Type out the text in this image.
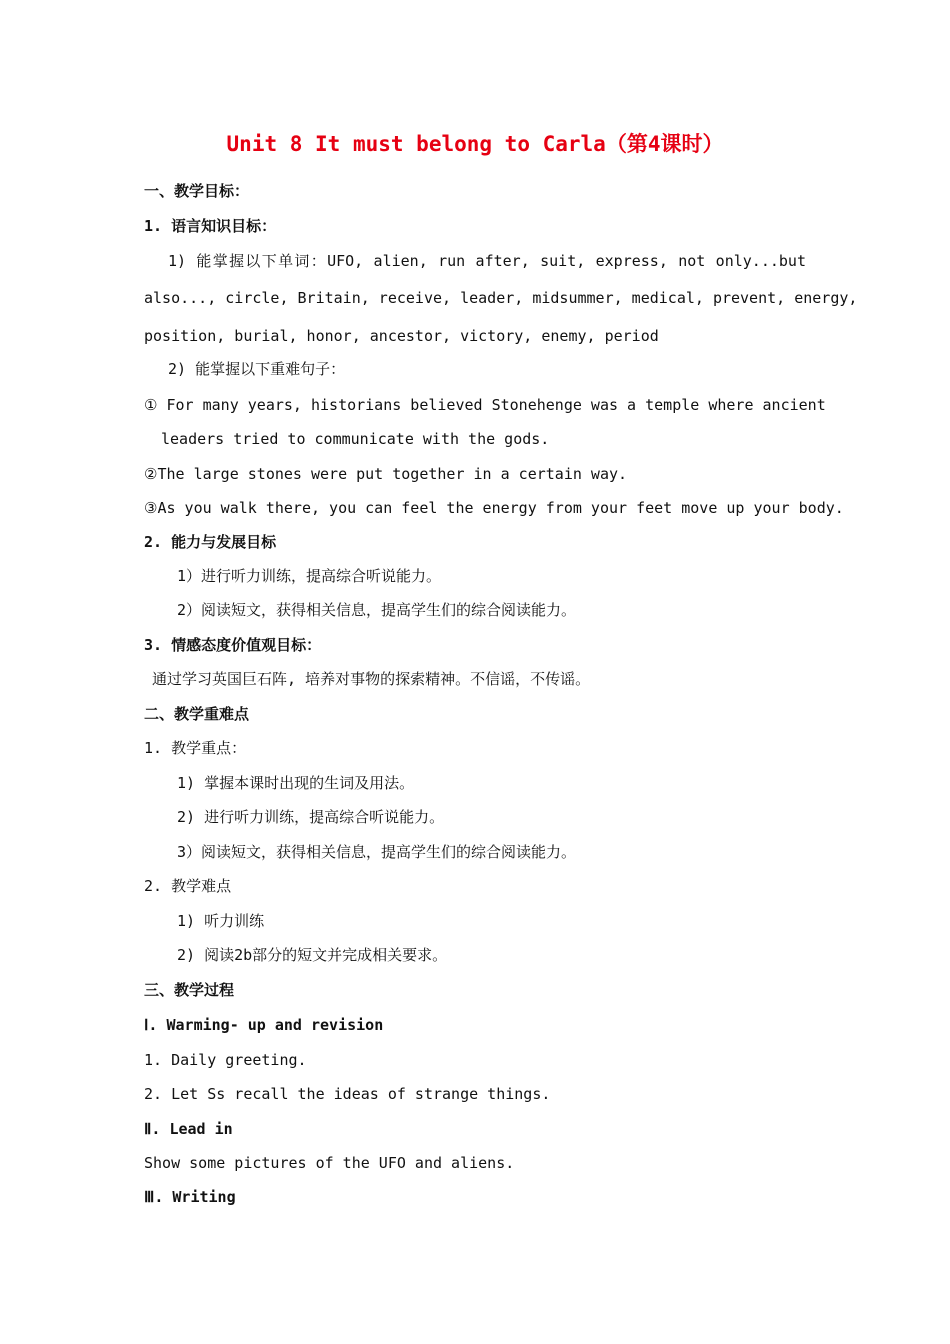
Unit 8 It must belong to Carla（第4课时）
一、教学目标：
1. 语言知识目标：
1) 能掌握以下单词：UFO, alien, run after, suit, express, not only...but
also..., circle, Britain, receive, leader, midsummer, medical, prevent, energy,
position, burial, honor, ancestor, victory, enemy, period
2) 能掌握以下重难句子：
① For many years, historians believed Stonehenge was a temple where ancient
leaders tried to communicate with the gods.
②The large stones were put together in a certain way.
③As you walk there, you can feel the energy from your feet move up your body.
2. 能力与发展目标
1）进行听力训练，提高综合听说能力。
2）阅读短文，获得相关信息，提高学生们的综合阅读能力。
3. 情感态度价值观目标：
通过学习英国巨石阵, 培养对事物的探索精神。不信谣，不传谣。
二、教学重难点
1. 教学重点：
1) 掌握本课时出现的生词及用法。
2) 进行听力训练，提高综合听说能力。
3）阅读短文，获得相关信息，提高学生们的综合阅读能力。
2. 教学难点
1) 听力训练
2) 阅读2b部分的短文并完成相关要求。
三、教学过程
Ⅰ. Warming- up and revision
1. Daily greeting.
2. Let Ss recall the ideas of strange things.
Ⅱ. Lead in
Show some pictures of the UFO and aliens.
Ⅲ. Writing
